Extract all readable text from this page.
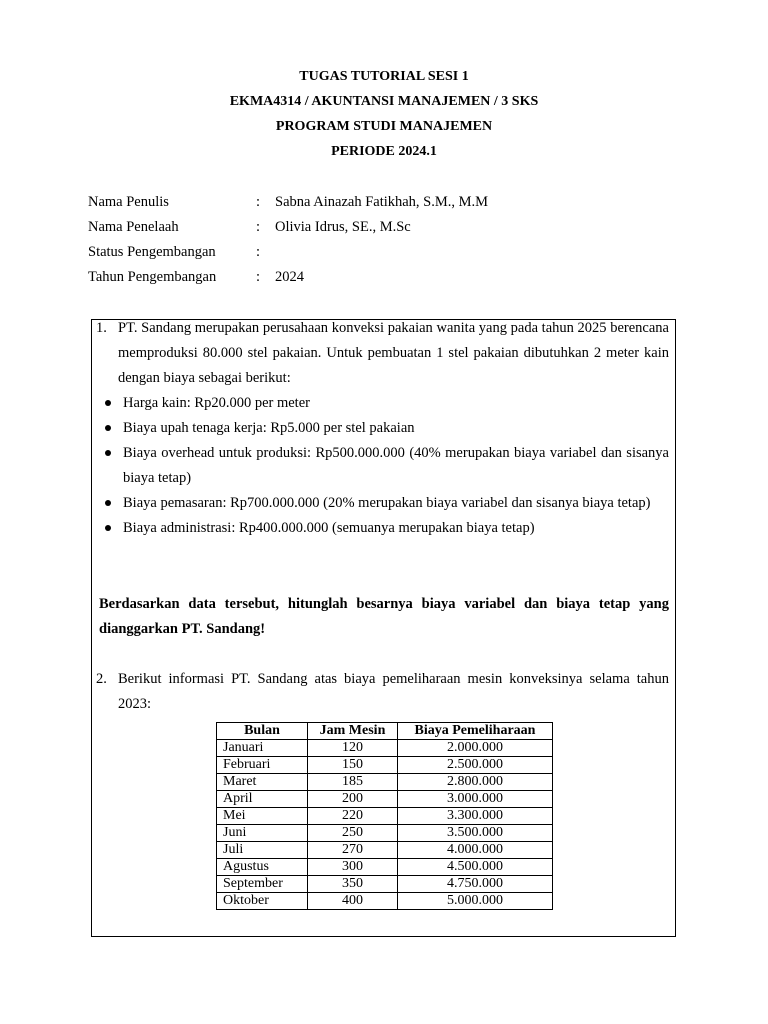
TUGAS TUTORIAL SESI 1
EKMA4314 / AKUNTANSI MANAJEMEN / 3 SKS
PROGRAM STUDI MANAJEMEN
PERIODE 2024.1
Nama Penulis	: Sabna Ainazah Fatikhah, S.M., M.M
Nama Penelaah	: Olivia Idrus, SE., M.Sc
Status Pengembangan	:
Tahun Pengembangan	: 2024
1. PT. Sandang merupakan perusahaan konveksi pakaian wanita yang pada tahun 2025 berencana memproduksi 80.000 stel pakaian. Untuk pembuatan 1 stel pakaian dibutuhkan 2 meter kain dengan biaya sebagai berikut:
Harga kain: Rp20.000 per meter
Biaya upah tenaga kerja: Rp5.000 per stel pakaian
Biaya overhead untuk produksi: Rp500.000.000 (40% merupakan biaya variabel dan sisanya biaya tetap)
Biaya pemasaran: Rp700.000.000 (20% merupakan biaya variabel dan sisanya biaya tetap)
Biaya administrasi: Rp400.000.000 (semuanya merupakan biaya tetap)
Berdasarkan data tersebut, hitunglah besarnya biaya variabel dan biaya tetap yang dianggarkan PT. Sandang!
2. Berikut informasi PT. Sandang atas biaya pemeliharaan mesin konveksinya selama tahun 2023:
Bulan	Jam Mesin	Biaya Pemeliharaan
Januari	120	2.000.000
Februari	150	2.500.000
Maret	185	2.800.000
April	200	3.000.000
Mei	220	3.300.000
Juni	250	3.500.000
Juli	270	4.000.000
Agustus	300	4.500.000
September	350	4.750.000
Oktober	400	5.000.000
